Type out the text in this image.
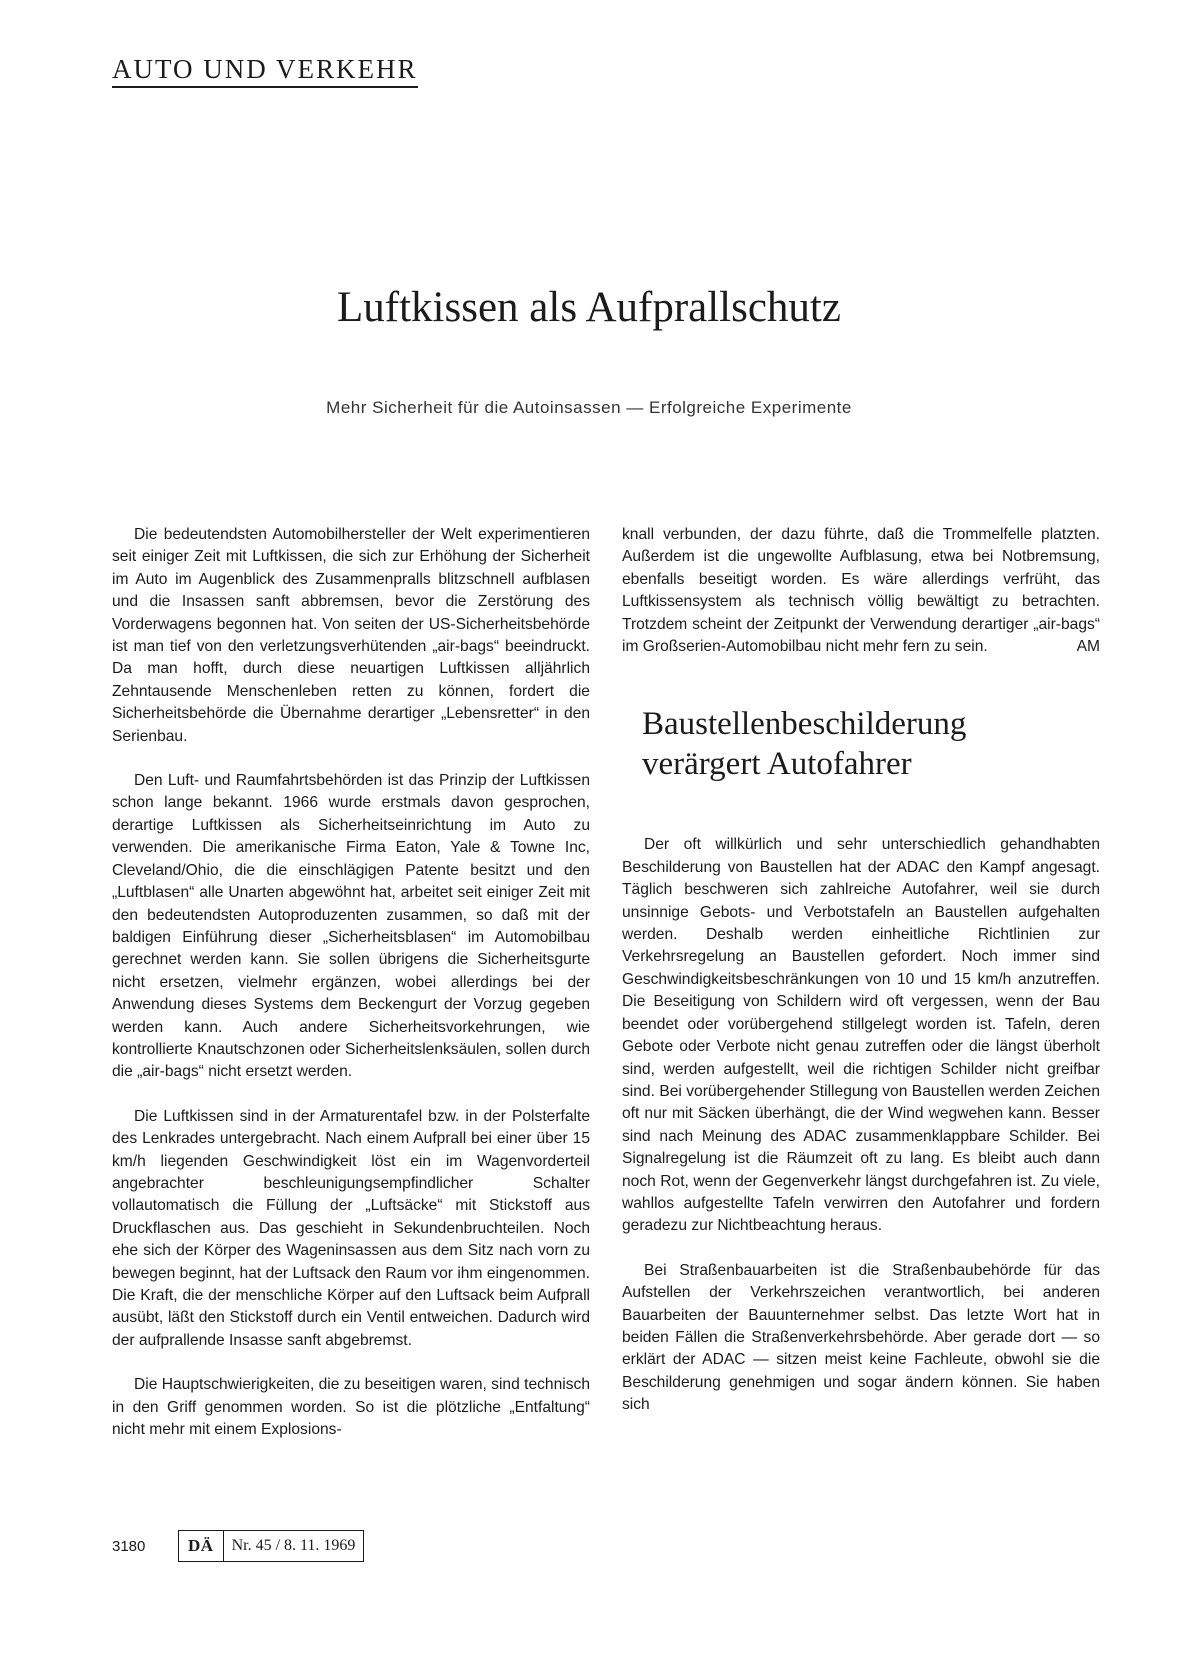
AUTO UND VERKEHR
Luftkissen als Aufprallschutz
Mehr Sicherheit für die Autoinsassen — Erfolgreiche Experimente

Die bedeutendsten Automobilhersteller der Welt experimentieren seit einiger Zeit mit Luftkissen, die sich zur Erhöhung der Sicherheit im Auto im Augenblick des Zusammenpralls blitzschnell aufblasen und die Insassen sanft abbremsen, bevor die Zerstörung des Vorderwagens begonnen hat. Von seiten der US-Sicherheitsbehörde ist man tief von den verletzungsverhütenden „air-bags“ beeindruckt. Da man hofft, durch diese neuartigen Luftkissen alljährlich Zehntausende Menschenleben retten zu können, fordert die Sicherheitsbehörde die Übernahme derartiger „Lebensretter“ in den Serienbau.

Den Luft- und Raumfahrtsbehörden ist das Prinzip der Luftkissen schon lange bekannt. 1966 wurde erstmals davon gesprochen, derartige Luftkissen als Sicherheitseinrichtung im Auto zu verwenden. Die amerikanische Firma Eaton, Yale & Towne Inc, Cleveland/Ohio, die die einschlägigen Patente besitzt und den „Luftblasen“ alle Unarten abgewöhnt hat, arbeitet seit einiger Zeit mit den bedeutendsten Autoproduzenten zusammen, so daß mit der baldigen Einführung dieser „Sicherheitsblasen“ im Automobilbau gerechnet werden kann. Sie sollen übrigens die Sicherheitsgurte nicht ersetzen, vielmehr ergänzen, wobei allerdings bei der Anwendung dieses Systems dem Beckengurt der Vorzug gegeben werden kann. Auch andere Sicherheitsvorkehrungen, wie kontrollierte Knautschzonen oder Sicherheitslenksäulen, sollen durch die „air-bags“ nicht ersetzt werden.

Die Luftkissen sind in der Armaturentafel bzw. in der Polsterfalte des Lenkrades untergebracht. Nach einem Aufprall bei einer über 15 km/h liegenden Geschwindigkeit löst ein im Wagenvorderteil angebrachter beschleunigungsempfindlicher Schalter vollautomatisch die Füllung der „Luftsäcke“ mit Stickstoff aus Druckflaschen aus. Das geschieht in Sekundenbruchteilen. Noch ehe sich der Körper des Wageninsassen aus dem Sitz nach vorn zu bewegen beginnt, hat der Luftsack den Raum vor ihm eingenommen. Die Kraft, die der menschliche Körper auf den Luftsack beim Aufprall ausübt, läßt den Stickstoff durch ein Ventil entweichen. Dadurch wird der aufprallende Insasse sanft abgebremst.

Die Hauptschwierigkeiten, die zu beseitigen waren, sind technisch in den Griff genommen worden. So ist die plötzliche „Entfaltung“ nicht mehr mit einem Explosions-

knall verbunden, der dazu führte, daß die Trommelfelle platzten. Außerdem ist die ungewollte Aufblasung, etwa bei Notbremsung, ebenfalls beseitigt worden. Es wäre allerdings verfrüht, das Luftkissensystem als technisch völlig bewältigt zu betrachten. Trotzdem scheint der Zeitpunkt der Verwendung derartiger „air-bags“ im Großserien-Automobilbau nicht mehr fern zu sein.	AM

Baustellenbeschilderung
verärgert Autofahrer

Der oft willkürlich und sehr unterschiedlich gehandhabten Beschilderung von Baustellen hat der ADAC den Kampf angesagt. Täglich beschweren sich zahlreiche Autofahrer, weil sie durch unsinnige Gebots- und Verbotstafeln an Baustellen aufgehalten werden. Deshalb werden einheitliche Richtlinien zur Verkehrsregelung an Baustellen gefordert. Noch immer sind Geschwindigkeitsbeschränkungen von 10 und 15 km/h anzutreffen. Die Beseitigung von Schildern wird oft vergessen, wenn der Bau beendet oder vorübergehend stillgelegt worden ist. Tafeln, deren Gebote oder Verbote nicht genau zutreffen oder die längst überholt sind, werden aufgestellt, weil die richtigen Schilder nicht greifbar sind. Bei vorübergehender Stillegung von Baustellen werden Zeichen oft nur mit Säcken überhängt, die der Wind wegwehen kann. Besser sind nach Meinung des ADAC zusammenklappbare Schilder. Bei Signalregelung ist die Räumzeit oft zu lang. Es bleibt auch dann noch Rot, wenn der Gegenverkehr längst durchgefahren ist. Zu viele, wahllos aufgestellte Tafeln verwirren den Autofahrer und fordern geradezu zur Nichtbeachtung heraus.

Bei Straßenbauarbeiten ist die Straßenbaubehörde für das Aufstellen der Verkehrszeichen verantwortlich, bei anderen Bauarbeiten der Bauunternehmer selbst. Das letzte Wort hat in beiden Fällen die Straßenverkehrsbehörde. Aber gerade dort — so erklärt der ADAC — sitzen meist keine Fachleute, obwohl sie die Beschilderung genehmigen und sogar ändern können. Sie haben sich

3180	DÄ	Nr. 45 / 8. 11. 1969
